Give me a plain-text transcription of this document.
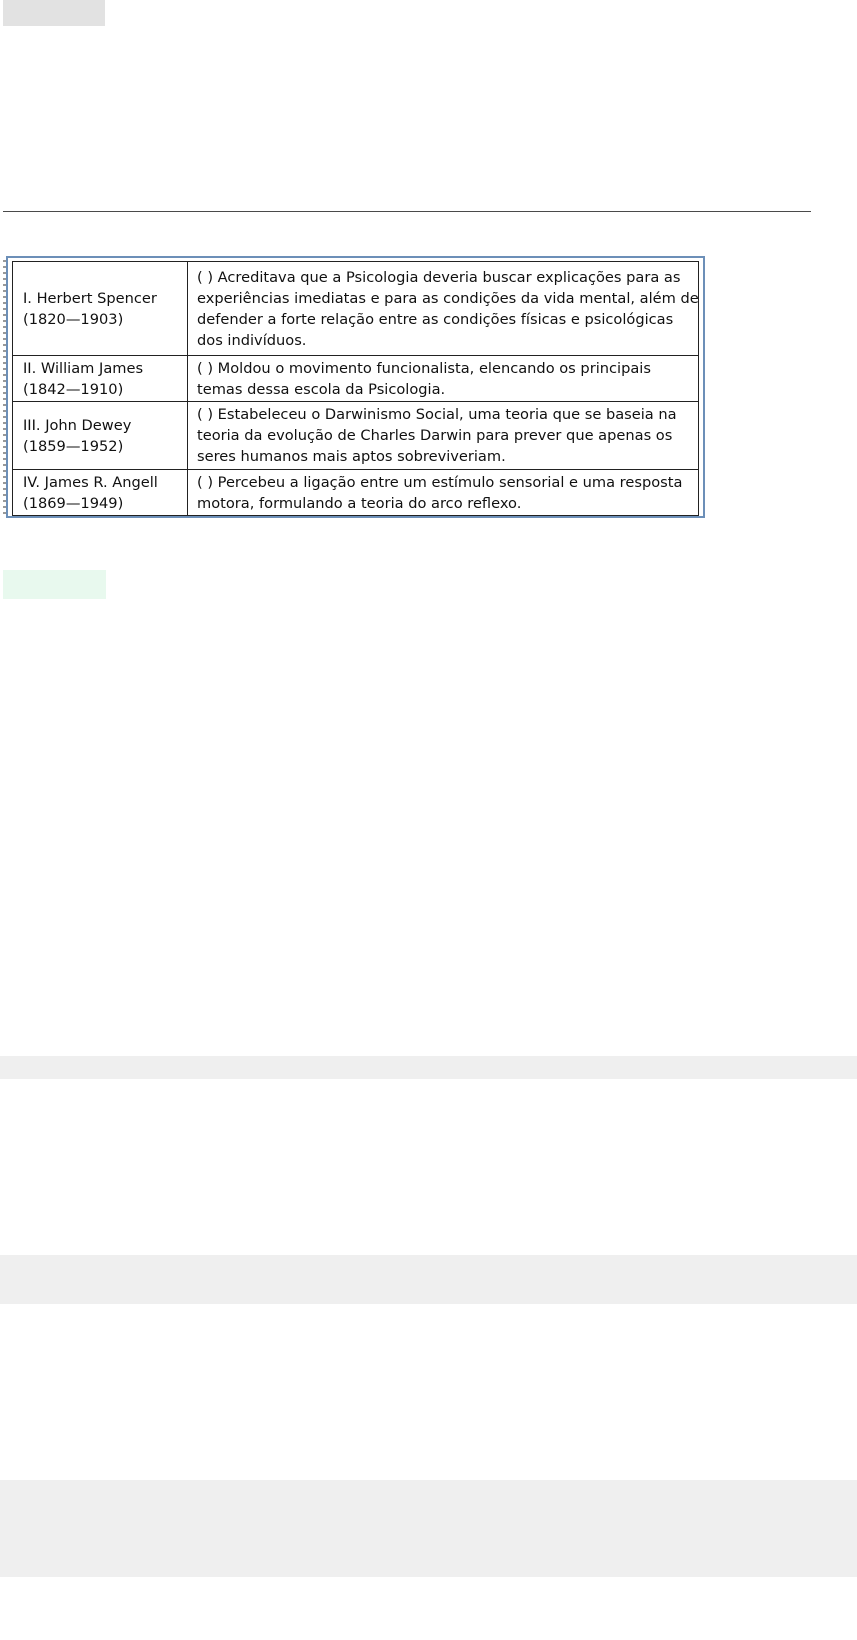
I. Herbert Spencer
(1820—1903)	( ) Acreditava que a Psicologia deveria buscar explicações para as
experiências imediatas e para as condições da vida mental, além de
defender a forte relação entre as condições físicas e psicológicas
dos indivíduos.

II. William James
(1842—1910)	( ) Moldou o movimento funcionalista, elencando os principais
temas dessa escola da Psicologia.

III. John Dewey
(1859—1952)	( ) Estabeleceu o Darwinismo Social, uma teoria que se baseia na
teoria da evolução de Charles Darwin para prever que apenas os
seres humanos mais aptos sobreviveriam.

IV. James R. Angell
(1869—1949)	( ) Percebeu a ligação entre um estímulo sensorial e uma resposta
motora, formulando a teoria do arco reflexo.
